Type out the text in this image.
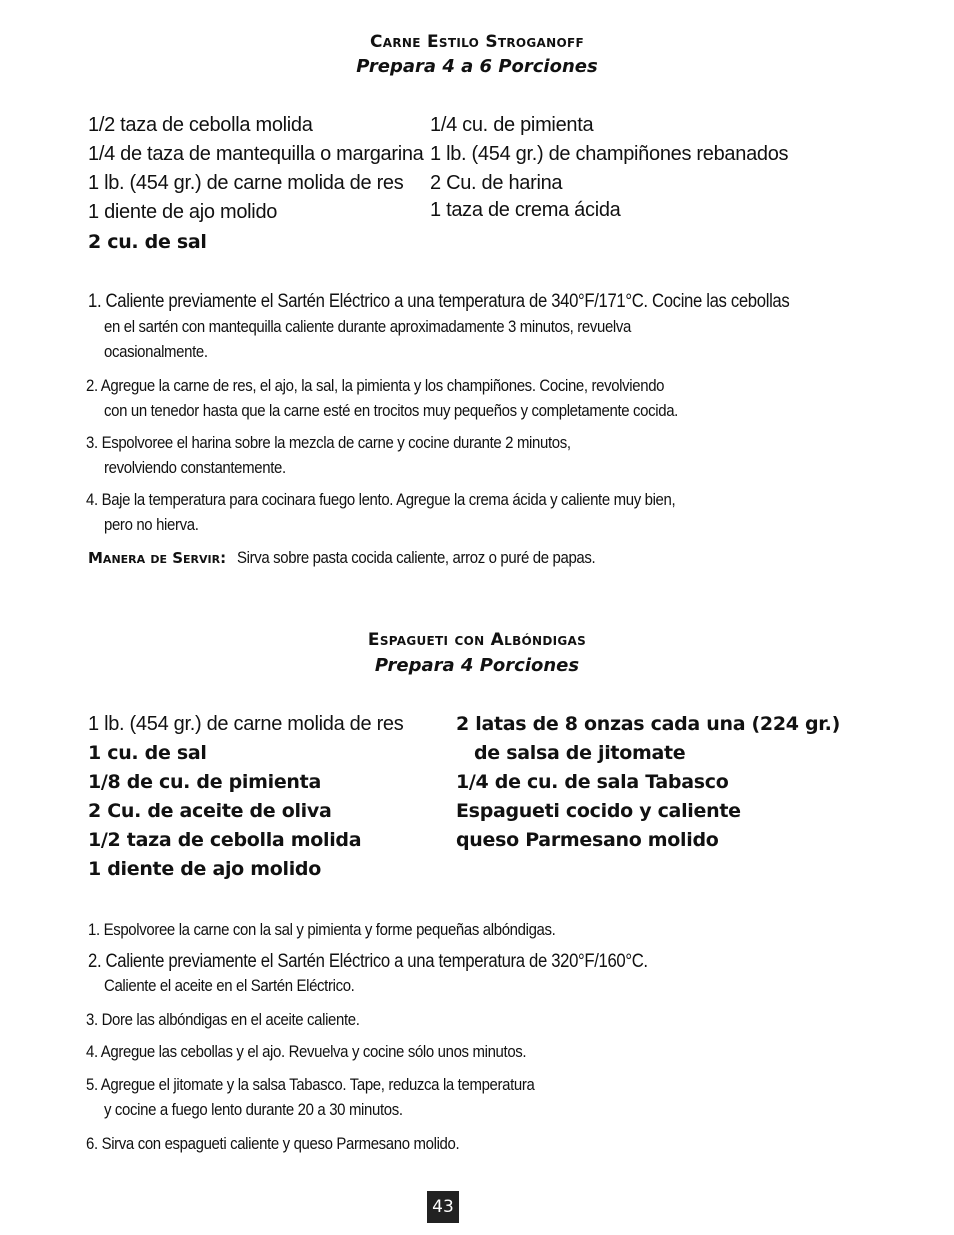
Carne Estilo Stroganoff
Prepara 4 a 6 Porciones
1/2 taza de cebolla molida
1/4 de taza de mantequilla o margarina
1 lb. (454 gr.) de carne molida de res
1 diente de ajo molido
2 cu. de sal
1/4 cu. de pimienta
1 lb. (454 gr.) de champiñones rebanados
2 Cu. de harina
1 taza de crema ácida
1. Caliente previamente el Sartén Eléctrico a una temperatura de 340°F/171°C. Cocine las cebollas
en el sartén con mantequilla caliente durante aproximadamente 3 minutos, revuelva
ocasionalmente.
2. Agregue la carne de res, el ajo, la sal, la pimienta y los champiñones. Cocine, revolviendo
con un tenedor hasta que la carne esté en trocitos muy pequeños y completamente cocida.
3. Espolvoree el harina sobre la mezcla de carne y cocine durante 2 minutos,
revolviendo constantemente.
4. Baje la temperatura para cocinara fuego lento. Agregue la crema ácida y caliente muy bien,
pero no hierva.
Manera de Servir: Sirva sobre pasta cocida caliente, arroz o puré de papas.
Espagueti con Albóndigas
Prepara 4 Porciones
1 lb. (454 gr.) de carne molida de res
1 cu. de sal
1/8 de cu. de pimienta
2 Cu. de aceite de oliva
1/2 taza de cebolla molida
1 diente de ajo molido
2 latas de 8 onzas cada una (224 gr.)
de salsa de jitomate
1/4 de cu. de sala Tabasco
Espagueti cocido y caliente
queso Parmesano molido
1. Espolvoree la carne con la sal y pimienta y forme pequeñas albóndigas.
2. Caliente previamente el Sartén Eléctrico a una temperatura de 320°F/160°C.
Caliente el aceite en el Sartén Eléctrico.
3. Dore las albóndigas en el aceite caliente.
4. Agregue las cebollas y el ajo. Revuelva y cocine sólo unos minutos.
5. Agregue el jitomate y la salsa Tabasco. Tape, reduzca la temperatura
y cocine a fuego lento durante 20 a 30 minutos.
6. Sirva con espagueti caliente y queso Parmesano molido.
43
